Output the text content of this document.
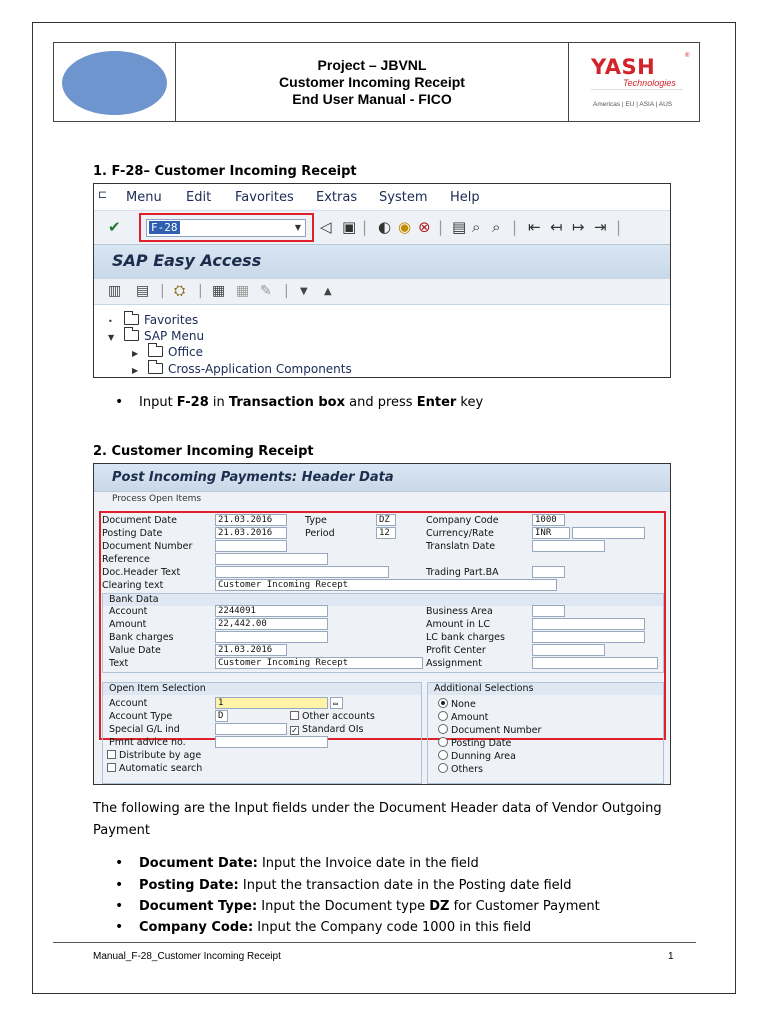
Project – JBVNL
Customer Incoming Receipt
End User Manual - FICO
YASH	®
Technologies
Americas | EU | ASIA | AUS
1. F-28– Customer Incoming Receipt
⊏ Menu Edit Favorites Extras System Help
✔	F-28	▼ ◁ ▣ | ◐ ◉ ⊗ | ▤ ⌕ ⌕ | ⇤ ↤ ↦ ⇥ |
SAP Easy Access
▥ ▤ | ⛭ | ▦ ▦ ✎ | ▼ ▲
•	Favorites
▼ SAP Menu
▶ Office
▶ Cross-Application Components
• Input F-28 in Transaction box and press Enter key
2. Customer Incoming Receipt
Post Incoming Payments: Header Data
Process Open Items
Document Date	21.03.2016	Type	DZ	Company Code	1000
Posting Date	21.03.2016	Period	12	Currency/Rate	INR
Document Number	Translatn Date
Reference
Doc.Header Text	Trading Part.BA
Clearing text	Customer Incoming Recept
Bank Data
Account	2244091	Business Area
Amount	22,442.00	Amount in LC
Bank charges	LC bank charges
Value Date	21.03.2016	Profit Center
Text	Customer Incoming Recept	Assignment
Open Item Selection
Account	1	▭
Account Type	D	Other accounts
Special G/L ind	✓ Standard OIs
Pmnt advice no.
Distribute by age
Automatic search
Additional Selections
None
Amount
Document Number
Posting Date
Dunning Area
Others

The following are the Input fields under the Document Header data of Vendor Outgoing Payment

• Document Date: Input the Invoice date in the field
• Posting Date: Input the transaction date in the Posting date field
• Document Type: Input the Document type DZ for Customer Payment
• Company Code: Input the Company code 1000 in this field
Manual_F-28_Customer Incoming Receipt	1
